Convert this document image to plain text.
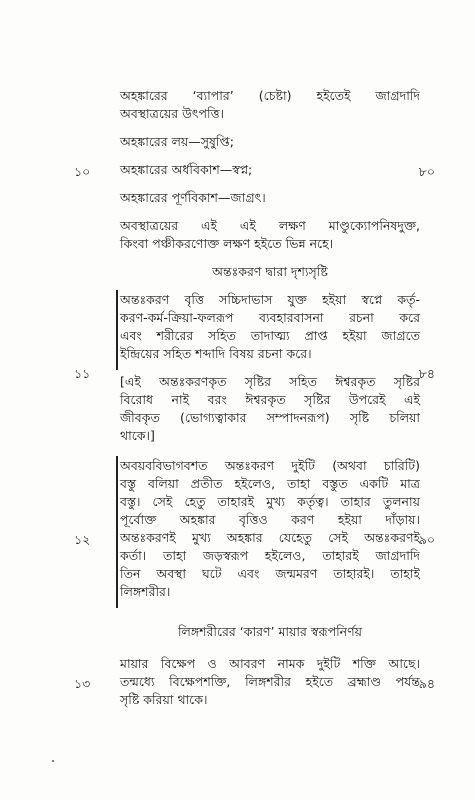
অহঙ্কারের ‘ব্যাপার’ (চেষ্টা) হইতেই জাগ্রদাদি
অবস্থাত্রয়ের উৎপত্তি।
অহঙ্কারের লয়—সুষুপ্তি;
১০ অহঙ্কারের অর্ধবিকাশ—স্বপ্ন;	৮০
অহঙ্কারের পূর্ণবিকাশ—জাগ্রৎ।
অবস্থাত্রয়ের এই এই লক্ষণ মাণ্ডুক্যোপনিষদুক্ত,
কিংবা পঞ্চীকরণোক্ত লক্ষণ হইতে ভিন্ন নহে।
অন্তঃকরণ দ্বারা দৃশ্যসৃষ্টি
অন্তঃকরণ বৃত্তি সচ্চিদাভাস যুক্ত হইয়া স্বপ্নে কর্তৃ-
করণ-কর্ম-ক্রিয়া-ফলরূপ ব্যবহারবাসনা রচনা করে
এবং শরীরের সহিত তাদাত্ম্য প্রাপ্ত হইয়া জাগ্রতে
ইন্দ্রিয়ের সহিত শব্দাদি বিষয় রচনা করে।
১১	৮৪
[এই অন্তঃকরণকৃত সৃষ্টির সহিত ঈশ্বরকৃত সৃষ্টির
বিরোধ নাই বরং ঈশ্বরকৃত সৃষ্টির উপরেই এই
জীবকৃত (ভোগ্যত্বাকার সম্পাদনরূপ) সৃষ্টি চলিয়া
থাকে।]
অবয়ববিভাগবশত অন্তঃকরণ দুইটি (অথবা চারিটি)
বস্তু বলিয়া প্রতীত হইলেও, তাহা বস্তুত একটি মাত্র
বস্তু। সেই হেতু তাহারই মুখ্য কর্তৃত্ব। তাহার তুলনায়
পূর্বোক্ত অহঙ্কার বৃত্তিও করণ হইয়া দাঁড়ায়।
১২ অন্তঃকরণই মুখ্য অহঙ্কার যেহেতু সেই অন্তঃকরণই
৯০
কর্তা। তাহা জড়স্বরূপ হইলেও, তাহারই জাগ্রদাদি
তিন অবস্থা ঘটে এবং জন্মমরণ তাহারই। তাহাই
লিঙ্গশরীর।
লিঙ্গশরীরের ‘কারণ’ মায়ার স্বরূপনির্ণয়
মায়ার বিক্ষেপ ও আবরণ নামক দুইটি শক্তি আছে।
১৩ তন্মধ্যে বিক্ষেপশক্তি, লিঙ্গশরীর হইতে ব্রহ্মাণ্ড পর্যন্ত
৯৪
সৃষ্টি করিয়া থাকে।
